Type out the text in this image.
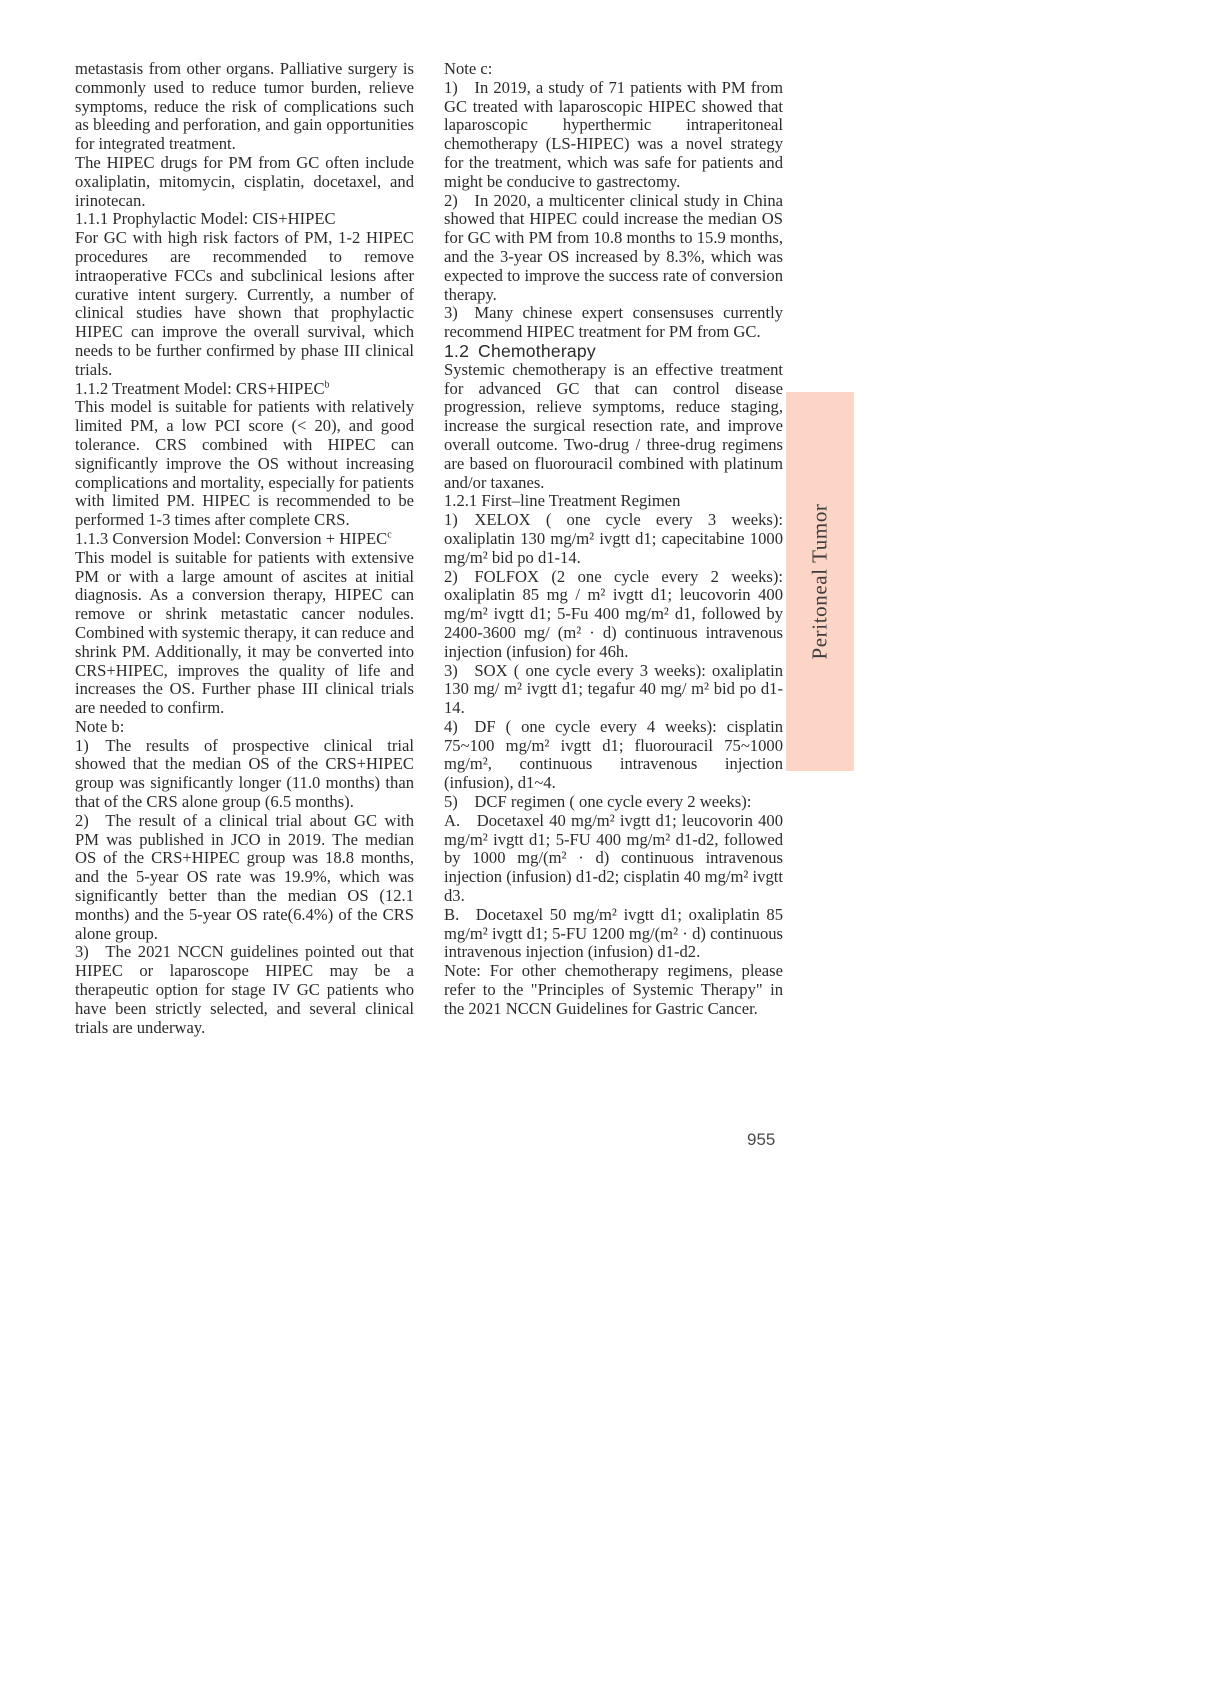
metastasis from other organs. Palliative surgery is commonly used to reduce tumor burden, relieve symptoms, reduce the risk of complications such as bleeding and perforation, and gain opportunities for integrated treatment.
The HIPEC drugs for PM from GC often include oxaliplatin, mitomycin, cisplatin, docetaxel, and irinotecan.
1.1.1 Prophylactic Model: CIS+HIPEC
For GC with high risk factors of PM, 1-2 HIPEC procedures are recommended to remove intraoperative FCCs and subclinical lesions after curative intent surgery. Currently, a number of clinical studies have shown that prophylactic HIPEC can improve the overall survival, which needs to be further confirmed by phase III clinical trials.
1.1.2 Treatment Model: $CRS+HIPEC^b$
This model is suitable for patients with relatively limited PM, a low PCI score (< 20), and good tolerance. CRS combined with HIPEC can significantly improve the OS without increasing complications and mortality, especially for patients with limited PM. HIPEC is recommended to be performed 1-3 times after complete CRS.
1.1.3 Conversion Model: Conversion + $HIPEC^c$
This model is suitable for patients with extensive PM or with a large amount of ascites at initial diagnosis. As a conversion therapy, HIPEC can remove or shrink metastatic cancer nodules. Combined with systemic therapy, it can reduce and shrink PM. Additionally, it may be converted into CRS+HIPEC, improves the quality of life and increases the OS. Further phase III clinical trials are needed to confirm.
Note b:
1) The results of prospective clinical trial showed that the median OS of the CRS+HIPEC group was significantly longer (11.0 months) than that of the CRS alone group (6.5 months).
2) The result of a clinical trial about GC with PM was published in JCO in 2019. The median OS of the CRS+HIPEC group was 18.8 months, and the 5-year OS rate was 19.9%, which was significantly better than the median OS (12.1 months) and the 5-year OS rate(6.4%) of the CRS alone group.
3) The 2021 NCCN guidelines pointed out that HIPEC or laparoscope HIPEC may be a therapeutic option for stage IV GC patients who have been strictly selected, and several clinical trials are underway.
Note c:
1) In 2019, a study of 71 patients with PM from GC treated with laparoscopic HIPEC showed that laparoscopic hyperthermic intraperitoneal chemotherapy (LS-HIPEC) was a novel strategy for the treatment, which was safe for patients and might be conducive to gastrectomy.
2) In 2020, a multicenter clinical study in China showed that HIPEC could increase the median OS for GC with PM from 10.8 months to 15.9 months, and the 3-year OS increased by 8.3%, which was expected to improve the success rate of conversion therapy.
3) Many chinese expert consensuses currently recommend HIPEC treatment for PM from GC.
1.2 Chemotherapy
Systemic chemotherapy is an effective treatment for advanced GC that can control disease progression, relieve symptoms, reduce staging, increase the surgical resection rate, and improve overall outcome. Two-drug / three-drug regimens are based on fluorouracil combined with platinum and/or taxanes.
1.2.1 First–line Treatment Regimen
1) XELOX ( one cycle every 3 weeks): oxaliplatin 130 mg/m² ivgtt d1; capecitabine 1000 mg/m² bid po d1-14.
2) FOLFOX (2 one cycle every 2 weeks): oxaliplatin 85 mg / m² ivgtt d1; leucovorin 400 mg/m² ivgtt d1; 5-Fu 400 mg/m² d1, followed by 2400-3600 mg/ (m² · d) continuous intravenous injection (infusion) for 46h.
3) SOX ( one cycle every 3 weeks): oxaliplatin 130 mg/ m² ivgtt d1; tegafur 40 mg/ m² bid po d1-14.
4) DF ( one cycle every 4 weeks): cisplatin 75~100 mg/m² ivgtt d1; fluorouracil 75~1000 mg/m², continuous intravenous injection (infusion), d1~4.
5) DCF regimen ( one cycle every 2 weeks):
A. Docetaxel 40 mg/m² ivgtt d1; leucovorin 400 mg/m² ivgtt d1; 5-FU 400 mg/m² d1-d2, followed by 1000 mg/(m² · d) continuous intravenous injection (infusion) d1-d2; cisplatin 40 mg/m² ivgtt d3.
B. Docetaxel 50 mg/m² ivgtt d1; oxaliplatin 85 mg/m² ivgtt d1; 5-FU 1200 mg/(m² · d) continuous intravenous injection (infusion) d1-d2.
Note: For other chemotherapy regimens, please refer to the "Principles of Systemic Therapy" in the 2021 NCCN Guidelines for Gastric Cancer.
Peritoneal Tumor
955
